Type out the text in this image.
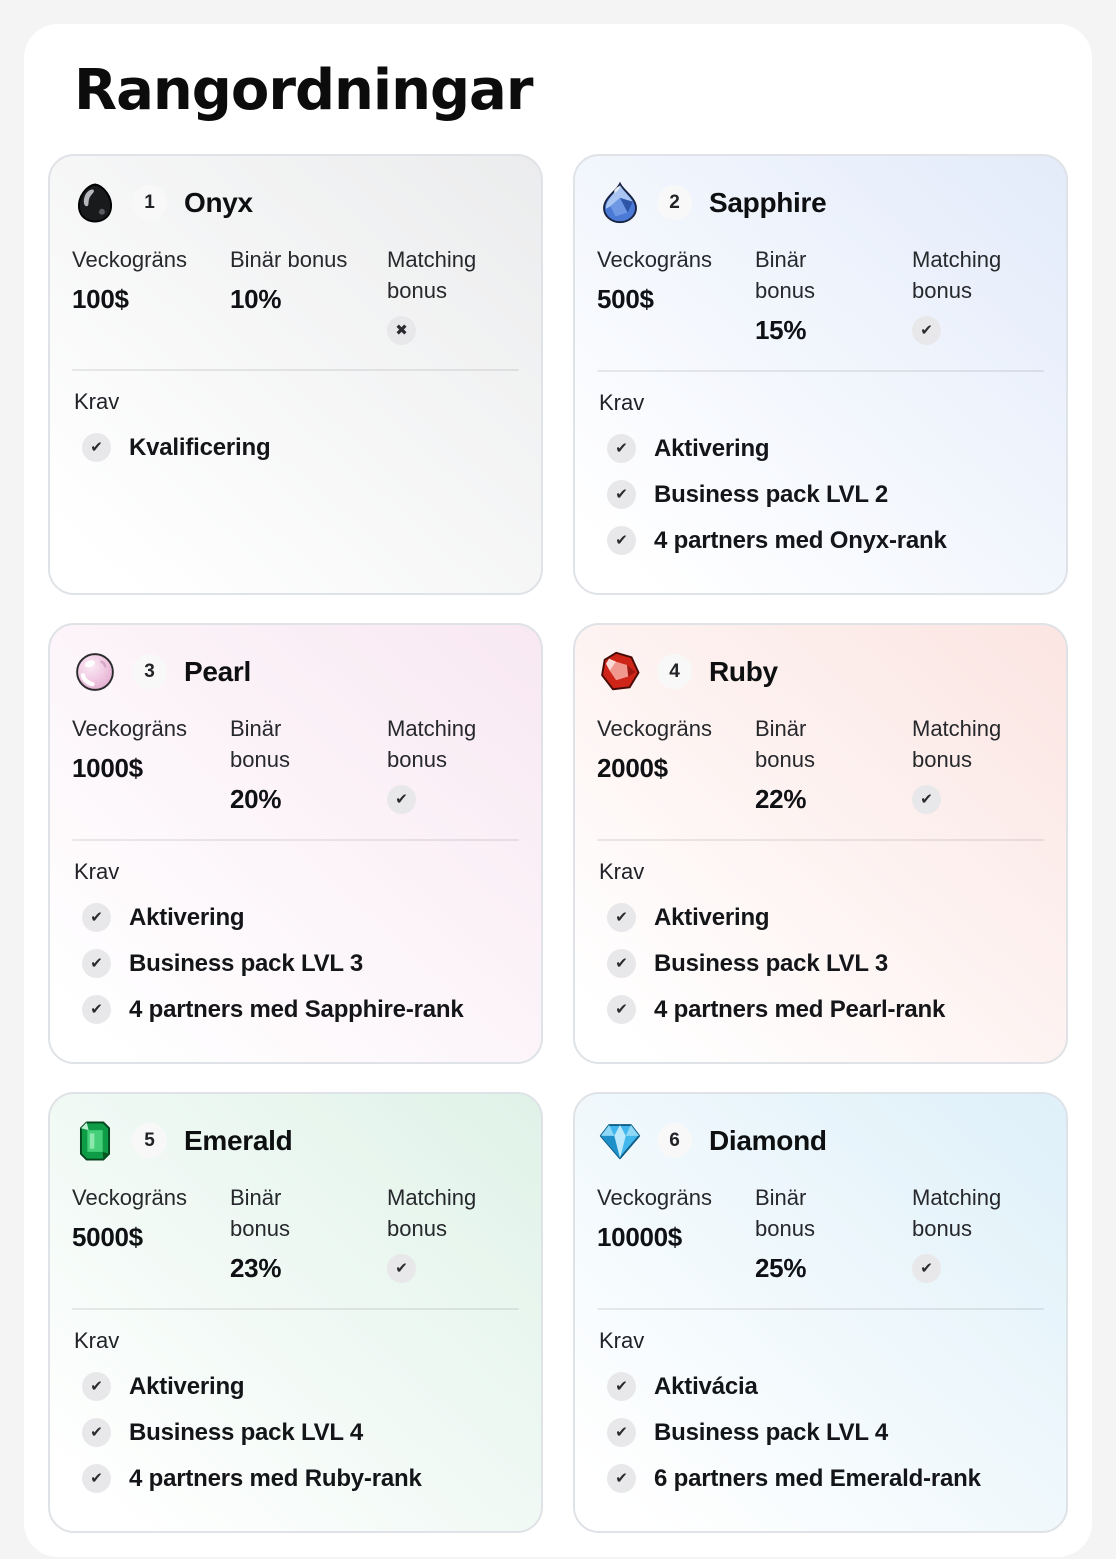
Rangordningar
1	Onyx
Veckogräns
100$
Binär bonus
10%
Matching bonus
✖
Krav
✔	Kvalificering
2	Sapphire
Veckogräns
500$
Binär bonus
15%
Matching bonus
✔
Krav
✔	Aktivering
✔	Business pack LVL 2
✔	4 partners med Onyx-rank
3	Pearl
Veckogräns
1000$
Binär bonus
20%
Matching bonus
✔
Krav
✔	Aktivering
✔	Business pack LVL 3
✔	4 partners med Sapphire-rank
4	Ruby
Veckogräns
2000$
Binär bonus
22%
Matching bonus
✔
Krav
✔	Aktivering
✔	Business pack LVL 3
✔	4 partners med Pearl-rank
5	Emerald
Veckogräns
5000$
Binär bonus
23%
Matching bonus
✔
Krav
✔	Aktivering
✔	Business pack LVL 4
✔	4 partners med Ruby-rank
6	Diamond
Veckogräns
10000$
Binär bonus
25%
Matching bonus
✔
Krav
✔	Aktivácia
✔	Business pack LVL 4
✔	6 partners med Emerald-rank
